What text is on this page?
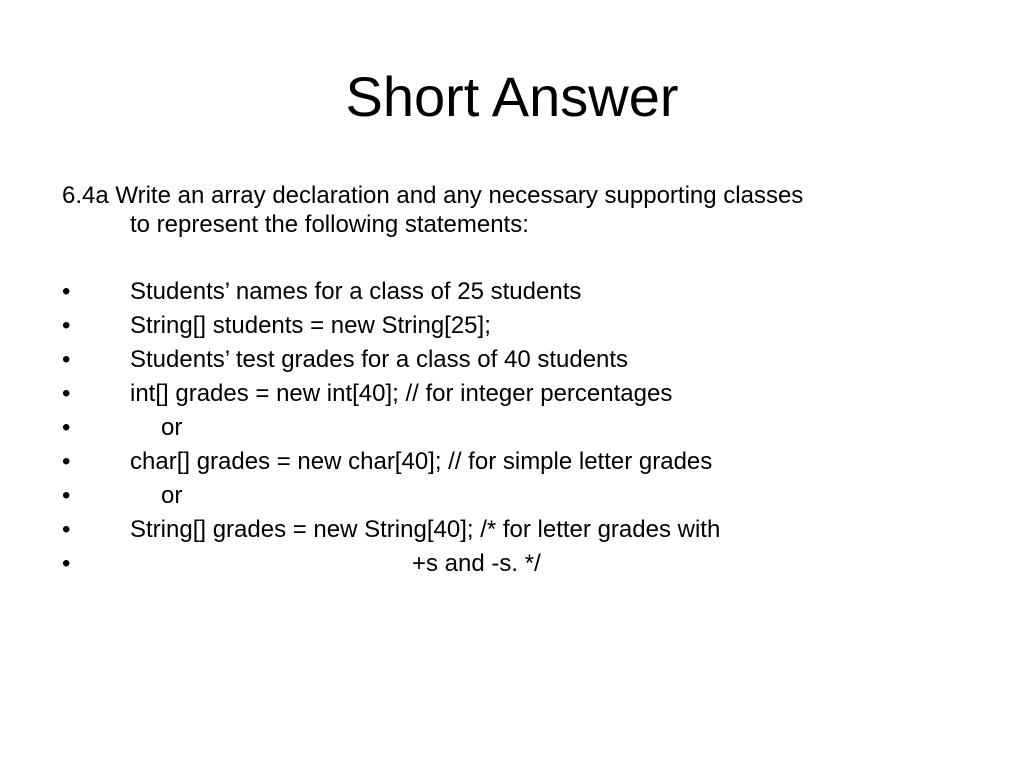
Short Answer
6.4a Write an array declaration and any necessary supporting classes
to represent the following statements:
•	Students’ names for a class of 25 students
•	String[] students = new String[25];
•	Students’ test grades for a class of 40 students
•	int[] grades = new int[40]; // for integer percentages
•	or
•	char[] grades = new char[40]; // for simple letter grades
•	or
•	String[] grades = new String[40]; /* for letter grades with
•	+s and -s. */
